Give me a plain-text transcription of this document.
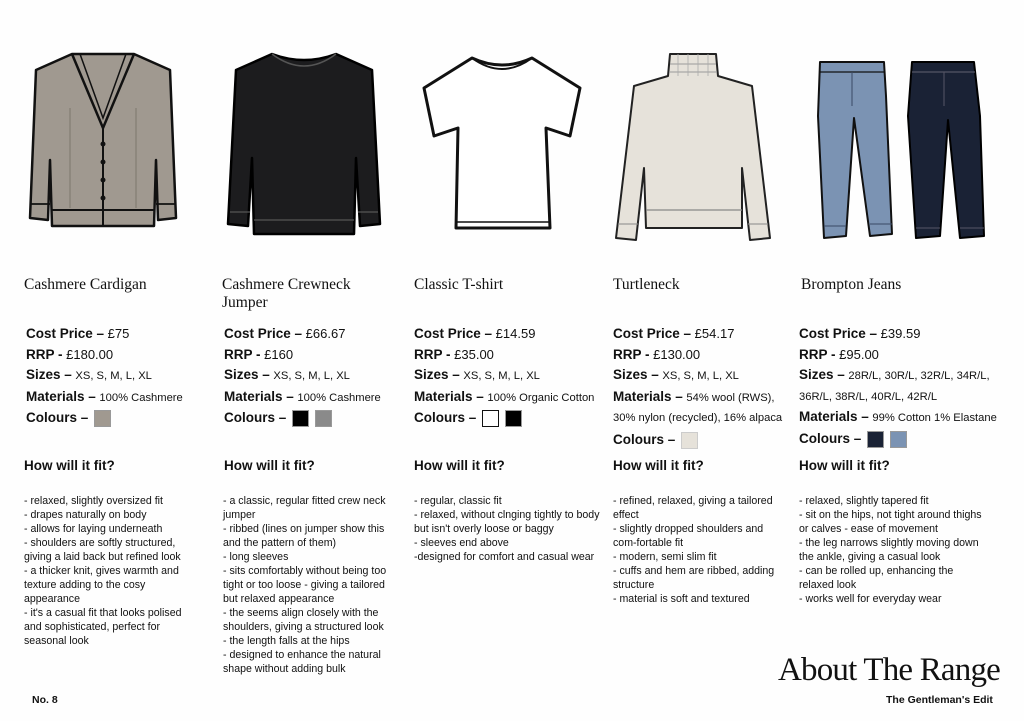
Cashmere Cardigan
Cost Price – £75
RRP - £180.00
Sizes – XS, S, M, L, XL
Materials – 100% Cashmere
Colours –
How will it fit?
- relaxed, slightly oversized fit
- drapes naturally on body
- allows for laying underneath
- shoulders are softly structured, giving a laid back but refined look
- a thicker knit, gives warmth and texture adding to the cosy appearance
- it's a casual fit that looks polised and sophisticated, perfect for seasonal look
Cashmere Crewneck Jumper
Cost Price – £66.67
RRP - £160
Sizes – XS, S, M, L, XL
Materials – 100% Cashmere
Colours –
How will it fit?
- a classic, regular fitted crew neck jumper
- ribbed (lines on jumper show this and the pattern of them)
- long sleeves
- sits comfortably without being too tight or too loose - giving a tailored but relaxed appearance
- the seems align closely with the shoulders, giving a structured look
- the length falls at the hips
- designed to enhance the natural shape without adding bulk
Classic T-shirt
Cost Price – £14.59
RRP - £35.00
Sizes – XS, S, M, L, XL
Materials – 100% Organic Cotton
Colours –
How will it fit?
- regular, classic fit
- relaxed, without clnging tightly to body but isn't overly loose or baggy
- sleeves end above
-designed for comfort and casual wear
Turtleneck
Cost Price – £54.17
RRP - £130.00
Sizes – XS, S, M, L, XL
Materials – 54% wool (RWS), 30% nylon (recycled), 16% alpaca
Colours –
How will it fit?
- refined, relaxed, giving a tailored effect
- slightly dropped shoulders and com-fortable fit
- modern, semi slim fit
- cuffs and hem are ribbed, adding structure
- material is soft and textured
Brompton Jeans
Cost Price – £39.59
RRP - £95.00
Sizes – 28R/L, 30R/L, 32R/L, 34R/L, 36R/L, 38R/L, 40R/L, 42R/L
Materials – 99% Cotton 1% Elastane
Colours –
How will it fit?
- relaxed, slightly tapered fit
- sit on the hips, not tight around thighs or calves - ease of movement
- the leg narrows slightly moving down the ankle, giving a casual look
- can be rolled up, enhancing the relaxed look
- works well for everyday wear
No. 8
About The Range
The Gentleman's Edit
